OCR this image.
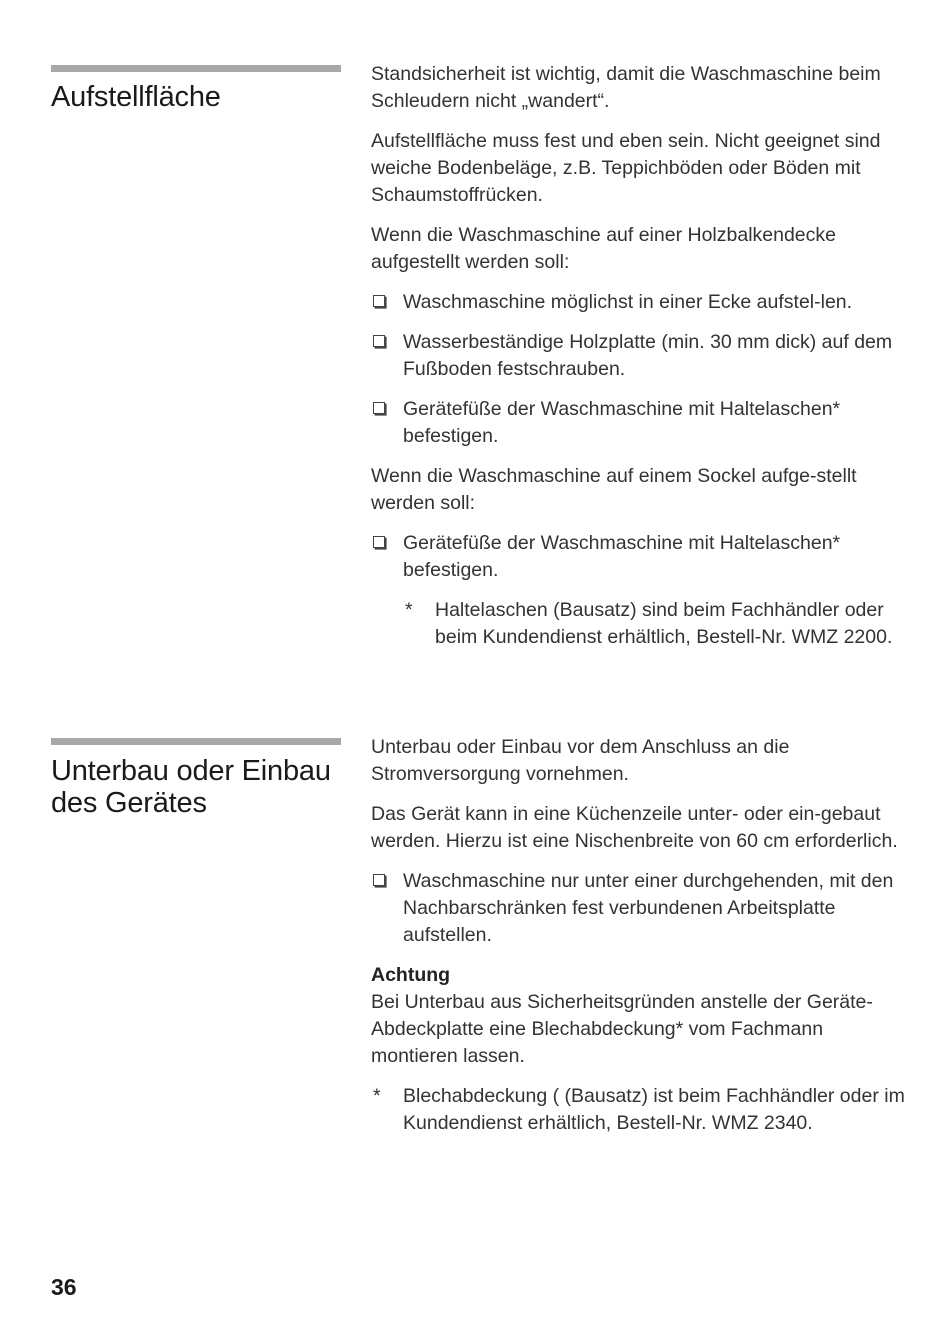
Aufstellfläche

Standsicherheit ist wichtig, damit die Waschmaschine beim Schleudern nicht „wandert“.

Aufstellfläche muss fest und eben sein. Nicht geeignet sind weiche Bodenbeläge, z.B. Teppichböden oder Böden mit Schaumstoffrücken.

Wenn die Waschmaschine auf einer Holzbalkendecke aufgestellt werden soll:

Waschmaschine möglichst in einer Ecke aufstel-len.
Wasserbeständige Holzplatte (min. 30 mm dick) auf dem Fußboden festschrauben.
Gerätefüße der Waschmaschine mit Haltelaschen* befestigen.

Wenn die Waschmaschine auf einem Sockel aufge-stellt werden soll:

Gerätefüße der Waschmaschine mit Haltelaschen* befestigen.
* Haltelaschen (Bausatz) sind beim Fachhändler oder beim Kundendienst erhältlich, Bestell-Nr. WMZ 2200.
Unterbau oder Einbau des Gerätes

Unterbau oder Einbau vor dem Anschluss an die Stromversorgung vornehmen.

Das Gerät kann in eine Küchenzeile unter- oder ein-gebaut werden. Hierzu ist eine Nischenbreite von 60 cm erforderlich.

Waschmaschine nur unter einer durchgehenden, mit den Nachbarschränken fest verbundenen Arbeitsplatte aufstellen.
Achtung
Bei Unterbau aus Sicherheitsgründen anstelle der Geräte-Abdeckplatte eine Blechabdeckung* vom Fachmann montieren lassen.
* Blechabdeckung ( (Bausatz) ist beim Fachhändler oder im Kundendienst erhältlich, Bestell-Nr. WMZ 2340.
36
